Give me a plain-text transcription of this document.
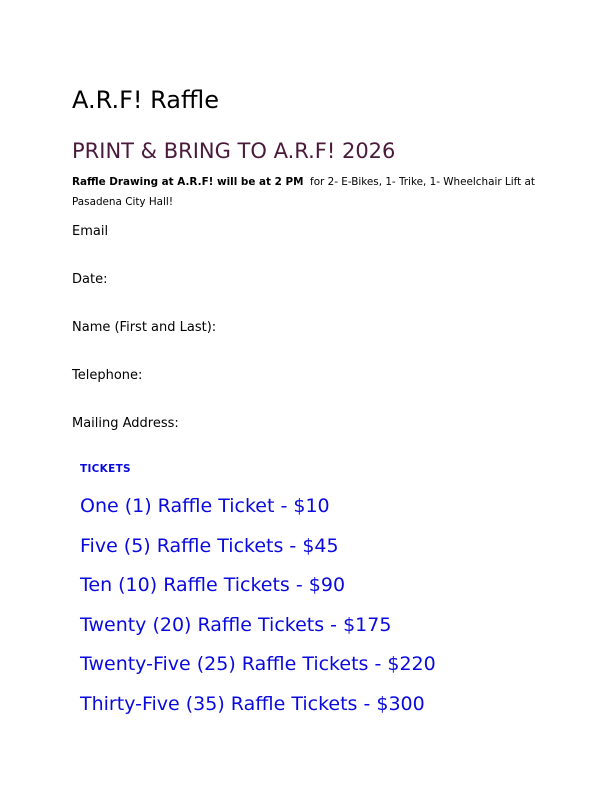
A.R.F! Raffle
PRINT & BRING TO A.R.F! 2026

Raffle Drawing at A.R.F! will be at 2 PM for 2- E-Bikes, 1- Trike, 1- Wheelchair Lift at Pasadena City Hall!

Email

Date:

Name (First and Last):

Telephone:

Mailing Address:

TICKETS

One (1) Raffle Ticket - $10
Five (5) Raffle Tickets - $45
Ten (10) Raffle Tickets - $90
Twenty (20) Raffle Tickets - $175
Twenty-Five (25) Raffle Tickets - $220
Thirty-Five (35) Raffle Tickets - $300
